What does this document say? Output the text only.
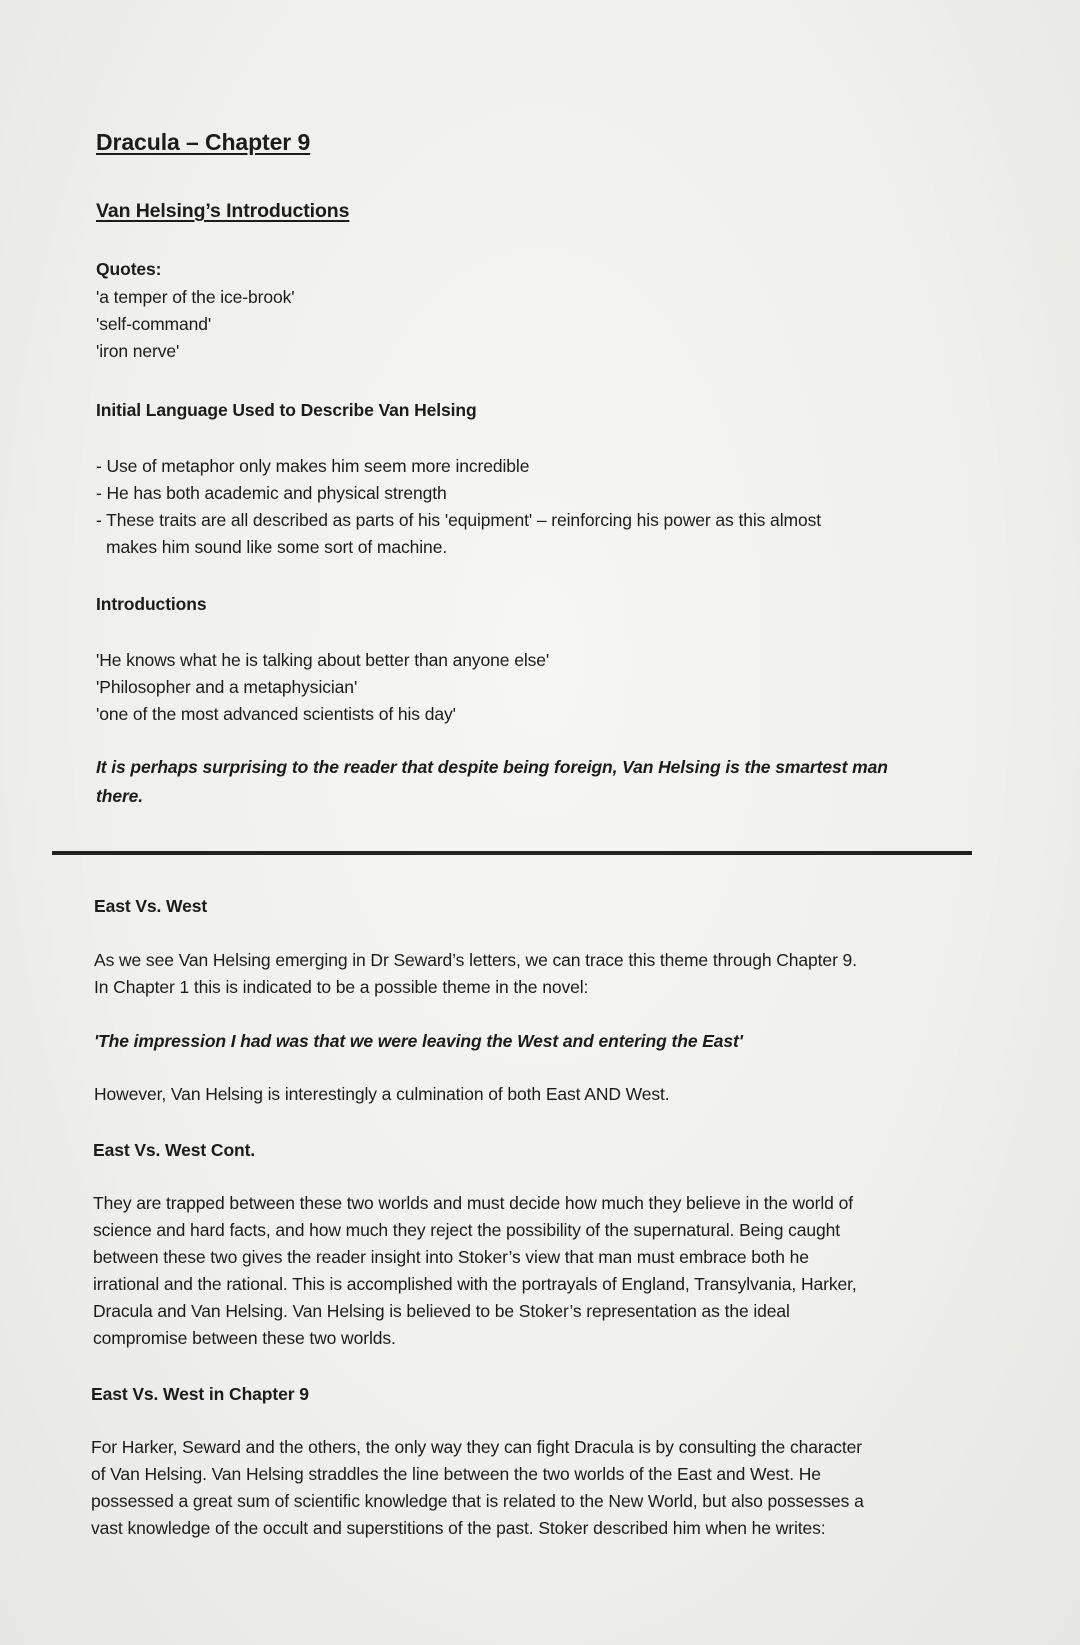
Dracula – Chapter 9
Van Helsing’s Introductions
Quotes:
'a temper of the ice-brook'
'self-command'
'iron nerve'
Initial Language Used to Describe Van Helsing
- Use of metaphor only makes him seem more incredible
- He has both academic and physical strength
- These traits are all described as parts of his 'equipment' – reinforcing his power as this almost
makes him sound like some sort of machine.
Introductions
'He knows what he is talking about better than anyone else'
'Philosopher and a metaphysician'
'one of the most advanced scientists of his day'
It is perhaps surprising to the reader that despite being foreign, Van Helsing is the smartest man
there.
East Vs. West
As we see Van Helsing emerging in Dr Seward’s letters, we can trace this theme through Chapter 9.
In Chapter 1 this is indicated to be a possible theme in the novel:
'The impression I had was that we were leaving the West and entering the East'
However, Van Helsing is interestingly a culmination of both East AND West.
East Vs. West Cont.
They are trapped between these two worlds and must decide how much they believe in the world of
science and hard facts, and how much they reject the possibility of the supernatural. Being caught
between these two gives the reader insight into Stoker’s view that man must embrace both he
irrational and the rational. This is accomplished with the portrayals of England, Transylvania, Harker,
Dracula and Van Helsing. Van Helsing is believed to be Stoker’s representation as the ideal
compromise between these two worlds.
East Vs. West in Chapter 9
For Harker, Seward and the others, the only way they can fight Dracula is by consulting the character
of Van Helsing. Van Helsing straddles the line between the two worlds of the East and West. He
possessed a great sum of scientific knowledge that is related to the New World, but also possesses a
vast knowledge of the occult and superstitions of the past. Stoker described him when he writes:
